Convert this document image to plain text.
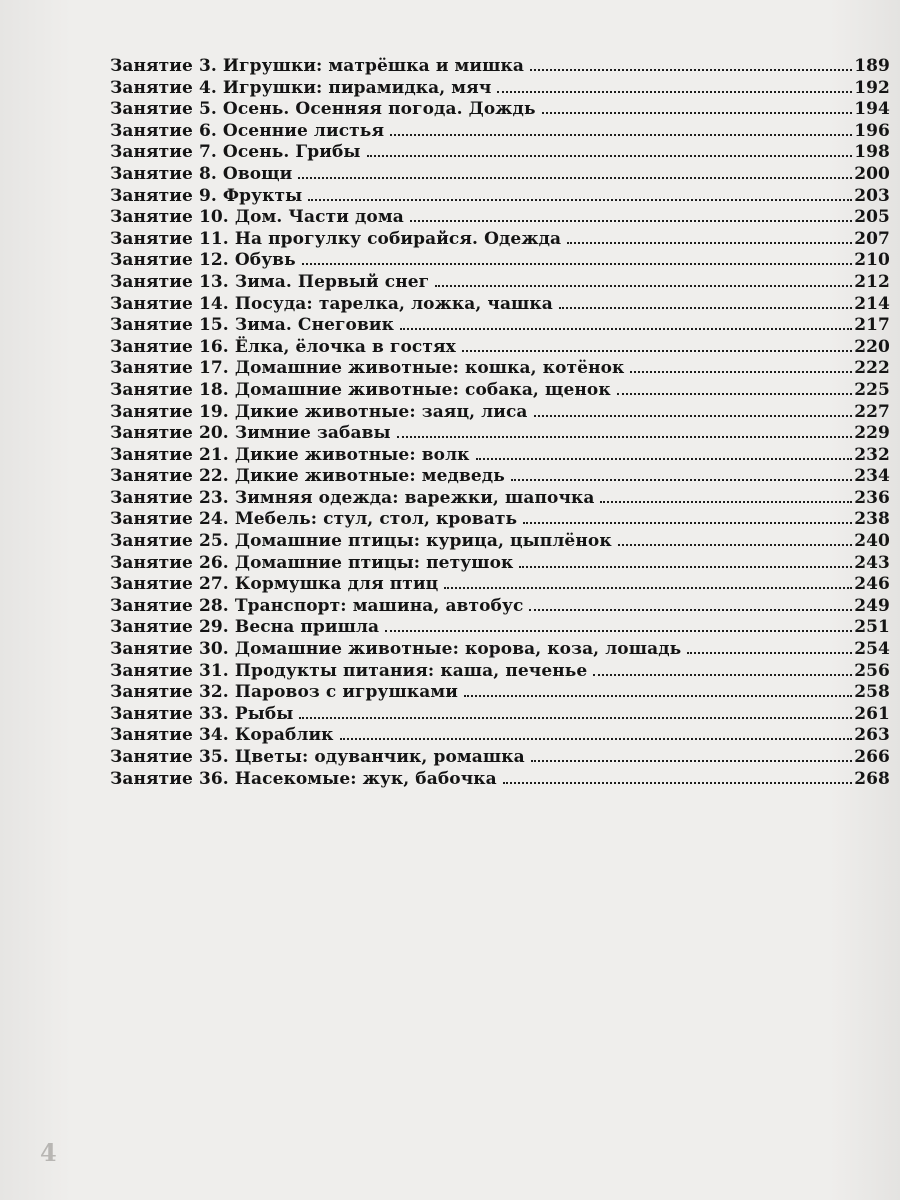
Занятие 3. Игрушки: матрёшка и мишка	189
Занятие 4. Игрушки: пирамидка, мяч	192
Занятие 5. Осень. Осенняя погода. Дождь	194
Занятие 6. Осенние листья	196
Занятие 7. Осень. Грибы	198
Занятие 8. Овощи	200
Занятие 9. Фрукты	203
Занятие 10. Дом. Части дома	205
Занятие 11. На прогулку собирайся. Одежда	207
Занятие 12. Обувь	210
Занятие 13. Зима. Первый снег	212
Занятие 14. Посуда: тарелка, ложка, чашка	214
Занятие 15. Зима. Снеговик	217
Занятие 16. Ёлка, ёлочка в гостях	220
Занятие 17. Домашние животные: кошка, котёнок	222
Занятие 18. Домашние животные: собака, щенок	225
Занятие 19. Дикие животные: заяц, лиса	227
Занятие 20. Зимние забавы	229
Занятие 21. Дикие животные: волк	232
Занятие 22. Дикие животные: медведь	234
Занятие 23. Зимняя одежда: варежки, шапочка	236
Занятие 24. Мебель: стул, стол, кровать	238
Занятие 25. Домашние птицы: курица, цыплёнок	240
Занятие 26. Домашние птицы: петушок	243
Занятие 27. Кормушка для птиц	246
Занятие 28. Транспорт: машина, автобус	249
Занятие 29. Весна пришла	251
Занятие 30. Домашние животные: корова, коза, лошадь	254
Занятие 31. Продукты питания: каша, печенье	256
Занятие 32. Паровоз с игрушками	258
Занятие 33. Рыбы	261
Занятие 34. Кораблик	263
Занятие 35. Цветы: одуванчик, ромашка	266
Занятие 36. Насекомые: жук, бабочка	268
4
